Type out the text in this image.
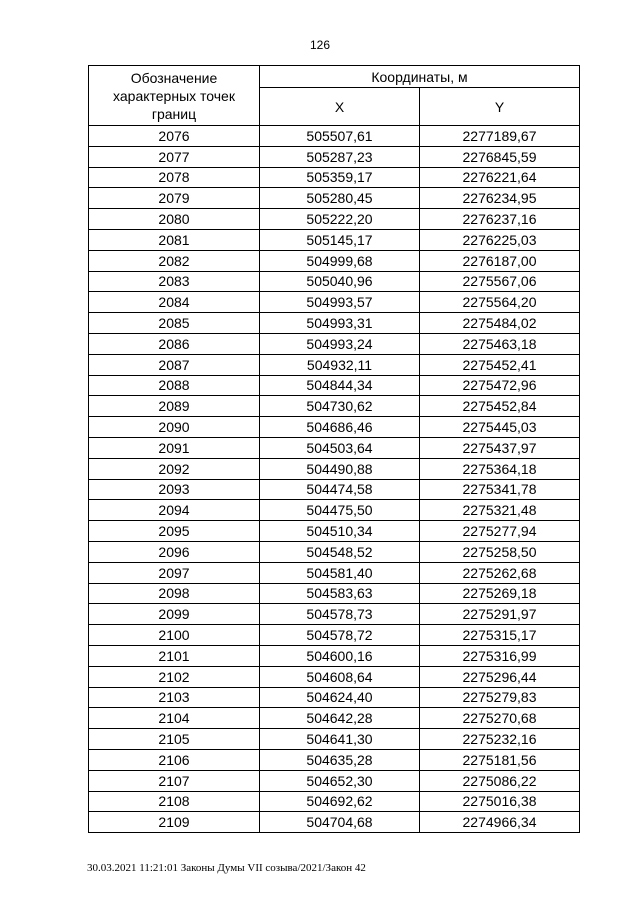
126
Обозначение характерных точек границ	Координаты, м	
	X	Y
2076	505507,61	2277189,67
2077	505287,23	2276845,59
2078	505359,17	2276221,64
2079	505280,45	2276234,95
2080	505222,20	2276237,16
2081	505145,17	2276225,03
2082	504999,68	2276187,00
2083	505040,96	2275567,06
2084	504993,57	2275564,20
2085	504993,31	2275484,02
2086	504993,24	2275463,18
2087	504932,11	2275452,41
2088	504844,34	2275472,96
2089	504730,62	2275452,84
2090	504686,46	2275445,03
2091	504503,64	2275437,97
2092	504490,88	2275364,18
2093	504474,58	2275341,78
2094	504475,50	2275321,48
2095	504510,34	2275277,94
2096	504548,52	2275258,50
2097	504581,40	2275262,68
2098	504583,63	2275269,18
2099	504578,73	2275291,97
2100	504578,72	2275315,17
2101	504600,16	2275316,99
2102	504608,64	2275296,44
2103	504624,40	2275279,83
2104	504642,28	2275270,68
2105	504641,30	2275232,16
2106	504635,28	2275181,56
2107	504652,30	2275086,22
2108	504692,62	2275016,38
2109	504704,68	2274966,34
30.03.2021 11:21:01 Законы Думы VII созыва/2021/Закон 42
